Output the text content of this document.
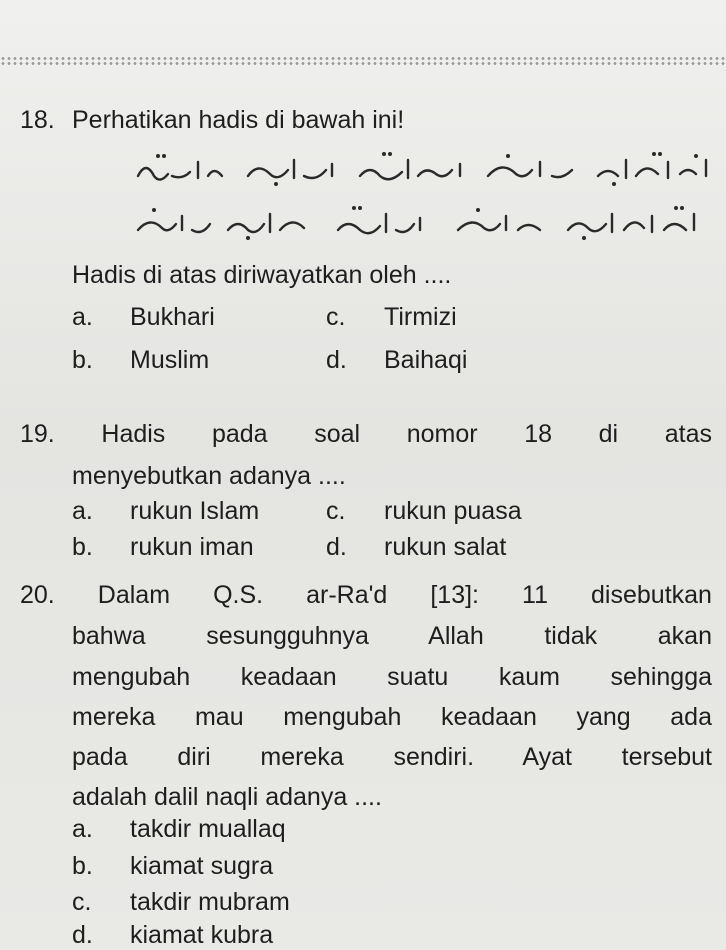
18. Perhatikan hadis di bawah ini!
Hadis di atas diriwayatkan oleh ....
a. Bukhari	c. Tirmizi
b. Muslim	d. Baihaqi
19. Hadis pada soal nomor 18 di atas
menyebutkan adanya ....
a. rukun Islam	c. rukun puasa
b. rukun iman	d. rukun salat
20. Dalam Q.S. ar-Ra'd [13]: 11 disebutkan
bahwa sesungguhnya Allah tidak akan
mengubah keadaan suatu kaum sehingga
mereka mau mengubah keadaan yang ada
pada diri mereka sendiri. Ayat tersebut
adalah dalil naqli adanya ....
a. takdir muallaq
b. kiamat sugra
c. takdir mubram
d. kiamat kubra
